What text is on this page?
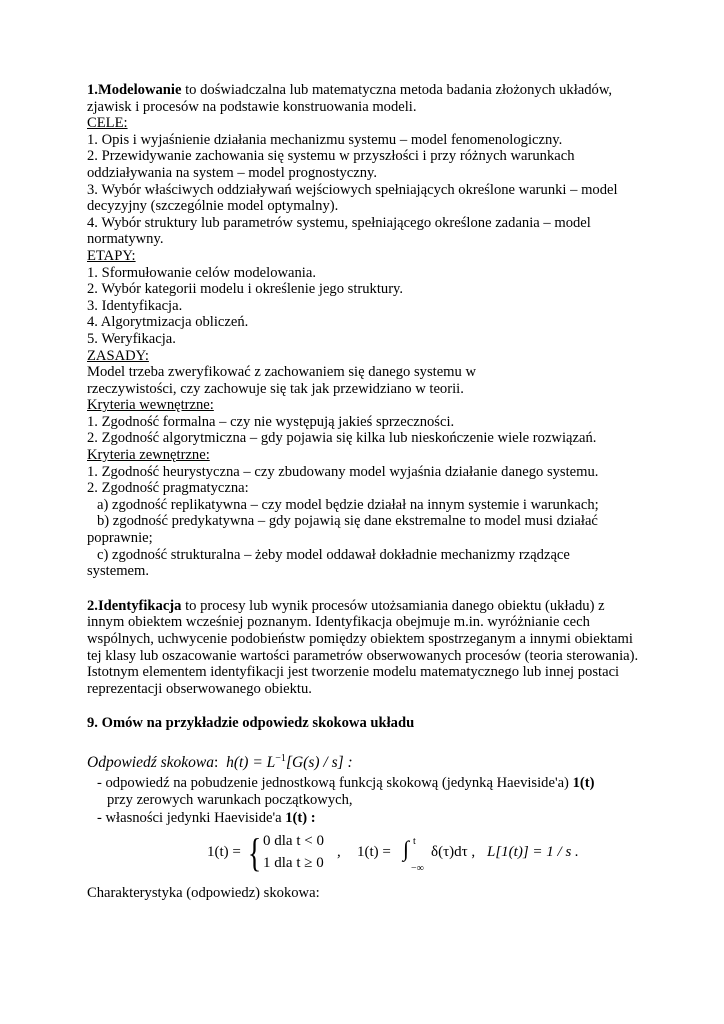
1.Modelowanie to doświadczalna lub matematyczna metoda badania złożonych układów,

zjawisk i procesów na podstawie konstruowania modeli.

CELE:

1. Opis i wyjaśnienie działania mechanizmu systemu – model fenomenologiczny.

2. Przewidywanie zachowania się systemu w przyszłości i przy różnych warunkach

oddziaływania na system – model prognostyczny.

3. Wybór właściwych oddziaływań wejściowych spełniających określone warunki – model

decyzyjny (szczególnie model optymalny).

4. Wybór struktury lub parametrów systemu, spełniającego określone zadania – model

normatywny.

ETAPY:

1. Sformułowanie celów modelowania.

2. Wybór kategorii modelu i określenie jego struktury.

3. Identyfikacja.

4. Algorytmizacja obliczeń.

5. Weryfikacja.

ZASADY:

Model trzeba zweryfikować z zachowaniem się danego systemu w

rzeczywistości, czy zachowuje się tak jak przewidziano w teorii.

Kryteria wewnętrzne:

1. Zgodność formalna – czy nie występują jakieś sprzeczności.

2. Zgodność algorytmiczna – gdy pojawia się kilka lub nieskończenie wiele rozwiązań.

Kryteria zewnętrzne:

1. Zgodność heurystyczna – czy zbudowany model wyjaśnia działanie danego systemu.

2. Zgodność pragmatyczna:

a) zgodność replikatywna – czy model będzie działał na innym systemie i warunkach;

b) zgodność predykatywna – gdy pojawią się dane ekstremalne to model musi działać

poprawnie;

c) zgodność strukturalna – żeby model oddawał dokładnie mechanizmy rządzące

systemem.

2.Identyfikacja to procesy lub wynik procesów utożsamiania danego obiektu (układu) z

innym obiektem wcześniej poznanym. Identyfikacja obejmuje m.in. wyróżnianie cech

wspólnych, uchwycenie podobieństw pomiędzy obiektem spostrzeganym a innymi obiektami

tej klasy lub oszacowanie wartości parametrów obserwowanych procesów (teoria sterowania).

Istotnym elementem identyfikacji jest tworzenie modelu matematycznego lub innej postaci

reprezentacji obserwowanego obiektu.

9. Omów na przykładzie odpowiedz skokowa układu

Odpowiedź skokowa:  $h(t) = L^{-1}[G(s) / s]$ :

- odpowiedź na pobudzenie jednostkową funkcją skokową (jedynką Haeviside'a) 1(t)

przy zerowych warunkach początkowych,

- własności jedynki Haeviside'a 1(t) :

1(t) = { 0 dla t < 0
1 dla t ≥ 0
, 1(t) = ∫ t
−∞
δ(τ)dτ , L[1(t)] = 1 / s .

Charakterystyka (odpowiedz) skokowa:
